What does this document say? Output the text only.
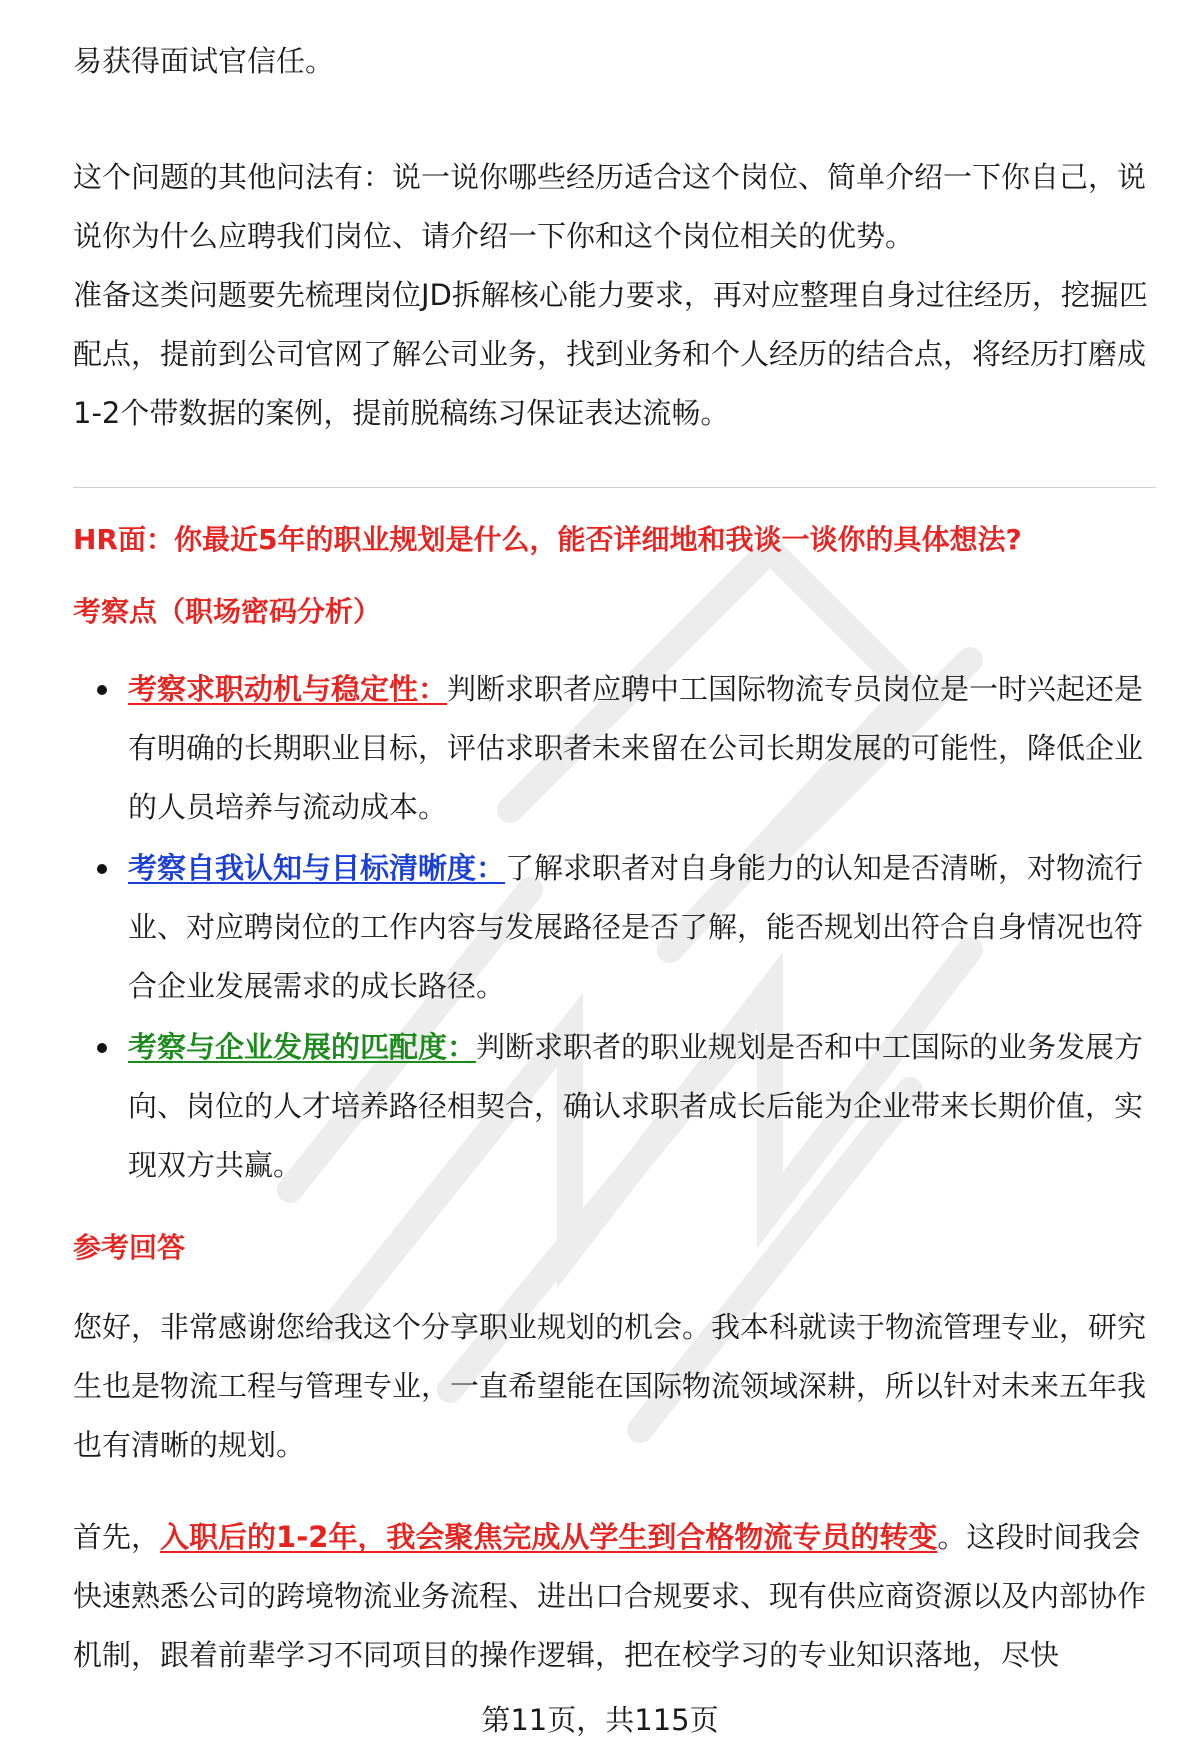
易获得面试官信任。

这个问题的其他问法有：说一说你哪些经历适合这个岗位、简单介绍一下你自己，说说你为什么应聘我们岗位、请介绍一下你和这个岗位相关的优势。

准备这类问题要先梳理岗位JD拆解核心能力要求，再对应整理自身过往经历，挖掘匹配点，提前到公司官网了解公司业务，找到业务和个人经历的结合点，将经历打磨成1-2个带数据的案例，提前脱稿练习保证表达流畅。

HR面：你最近5年的职业规划是什么，能否详细地和我谈一谈你的具体想法?

考察点（职场密码分析）

考察求职动机与稳定性：判断求职者应聘中工国际物流专员岗位是一时兴起还是有明确的长期职业目标，评估求职者未来留在公司长期发展的可能性，降低企业的人员培养与流动成本。
考察自我认知与目标清晰度：了解求职者对自身能力的认知是否清晰，对物流行业、对应聘岗位的工作内容与发展路径是否了解，能否规划出符合自身情况也符合企业发展需求的成长路径。
考察与企业发展的匹配度：判断求职者的职业规划是否和中工国际的业务发展方向、岗位的人才培养路径相契合，确认求职者成长后能为企业带来长期价值，实现双方共赢。

参考回答

您好，非常感谢您给我这个分享职业规划的机会。我本科就读于物流管理专业，研究生也是物流工程与管理专业，一直希望能在国际物流领域深耕，所以针对未来五年我也有清晰的规划。

首先，入职后的1-2年，我会聚焦完成从学生到合格物流专员的转变。这段时间我会快速熟悉公司的跨境物流业务流程、进出口合规要求、现有供应商资源以及内部协作机制，跟着前辈学习不同项目的操作逻辑，把在校学习的专业知识落地，尽快

第11页，共115页
